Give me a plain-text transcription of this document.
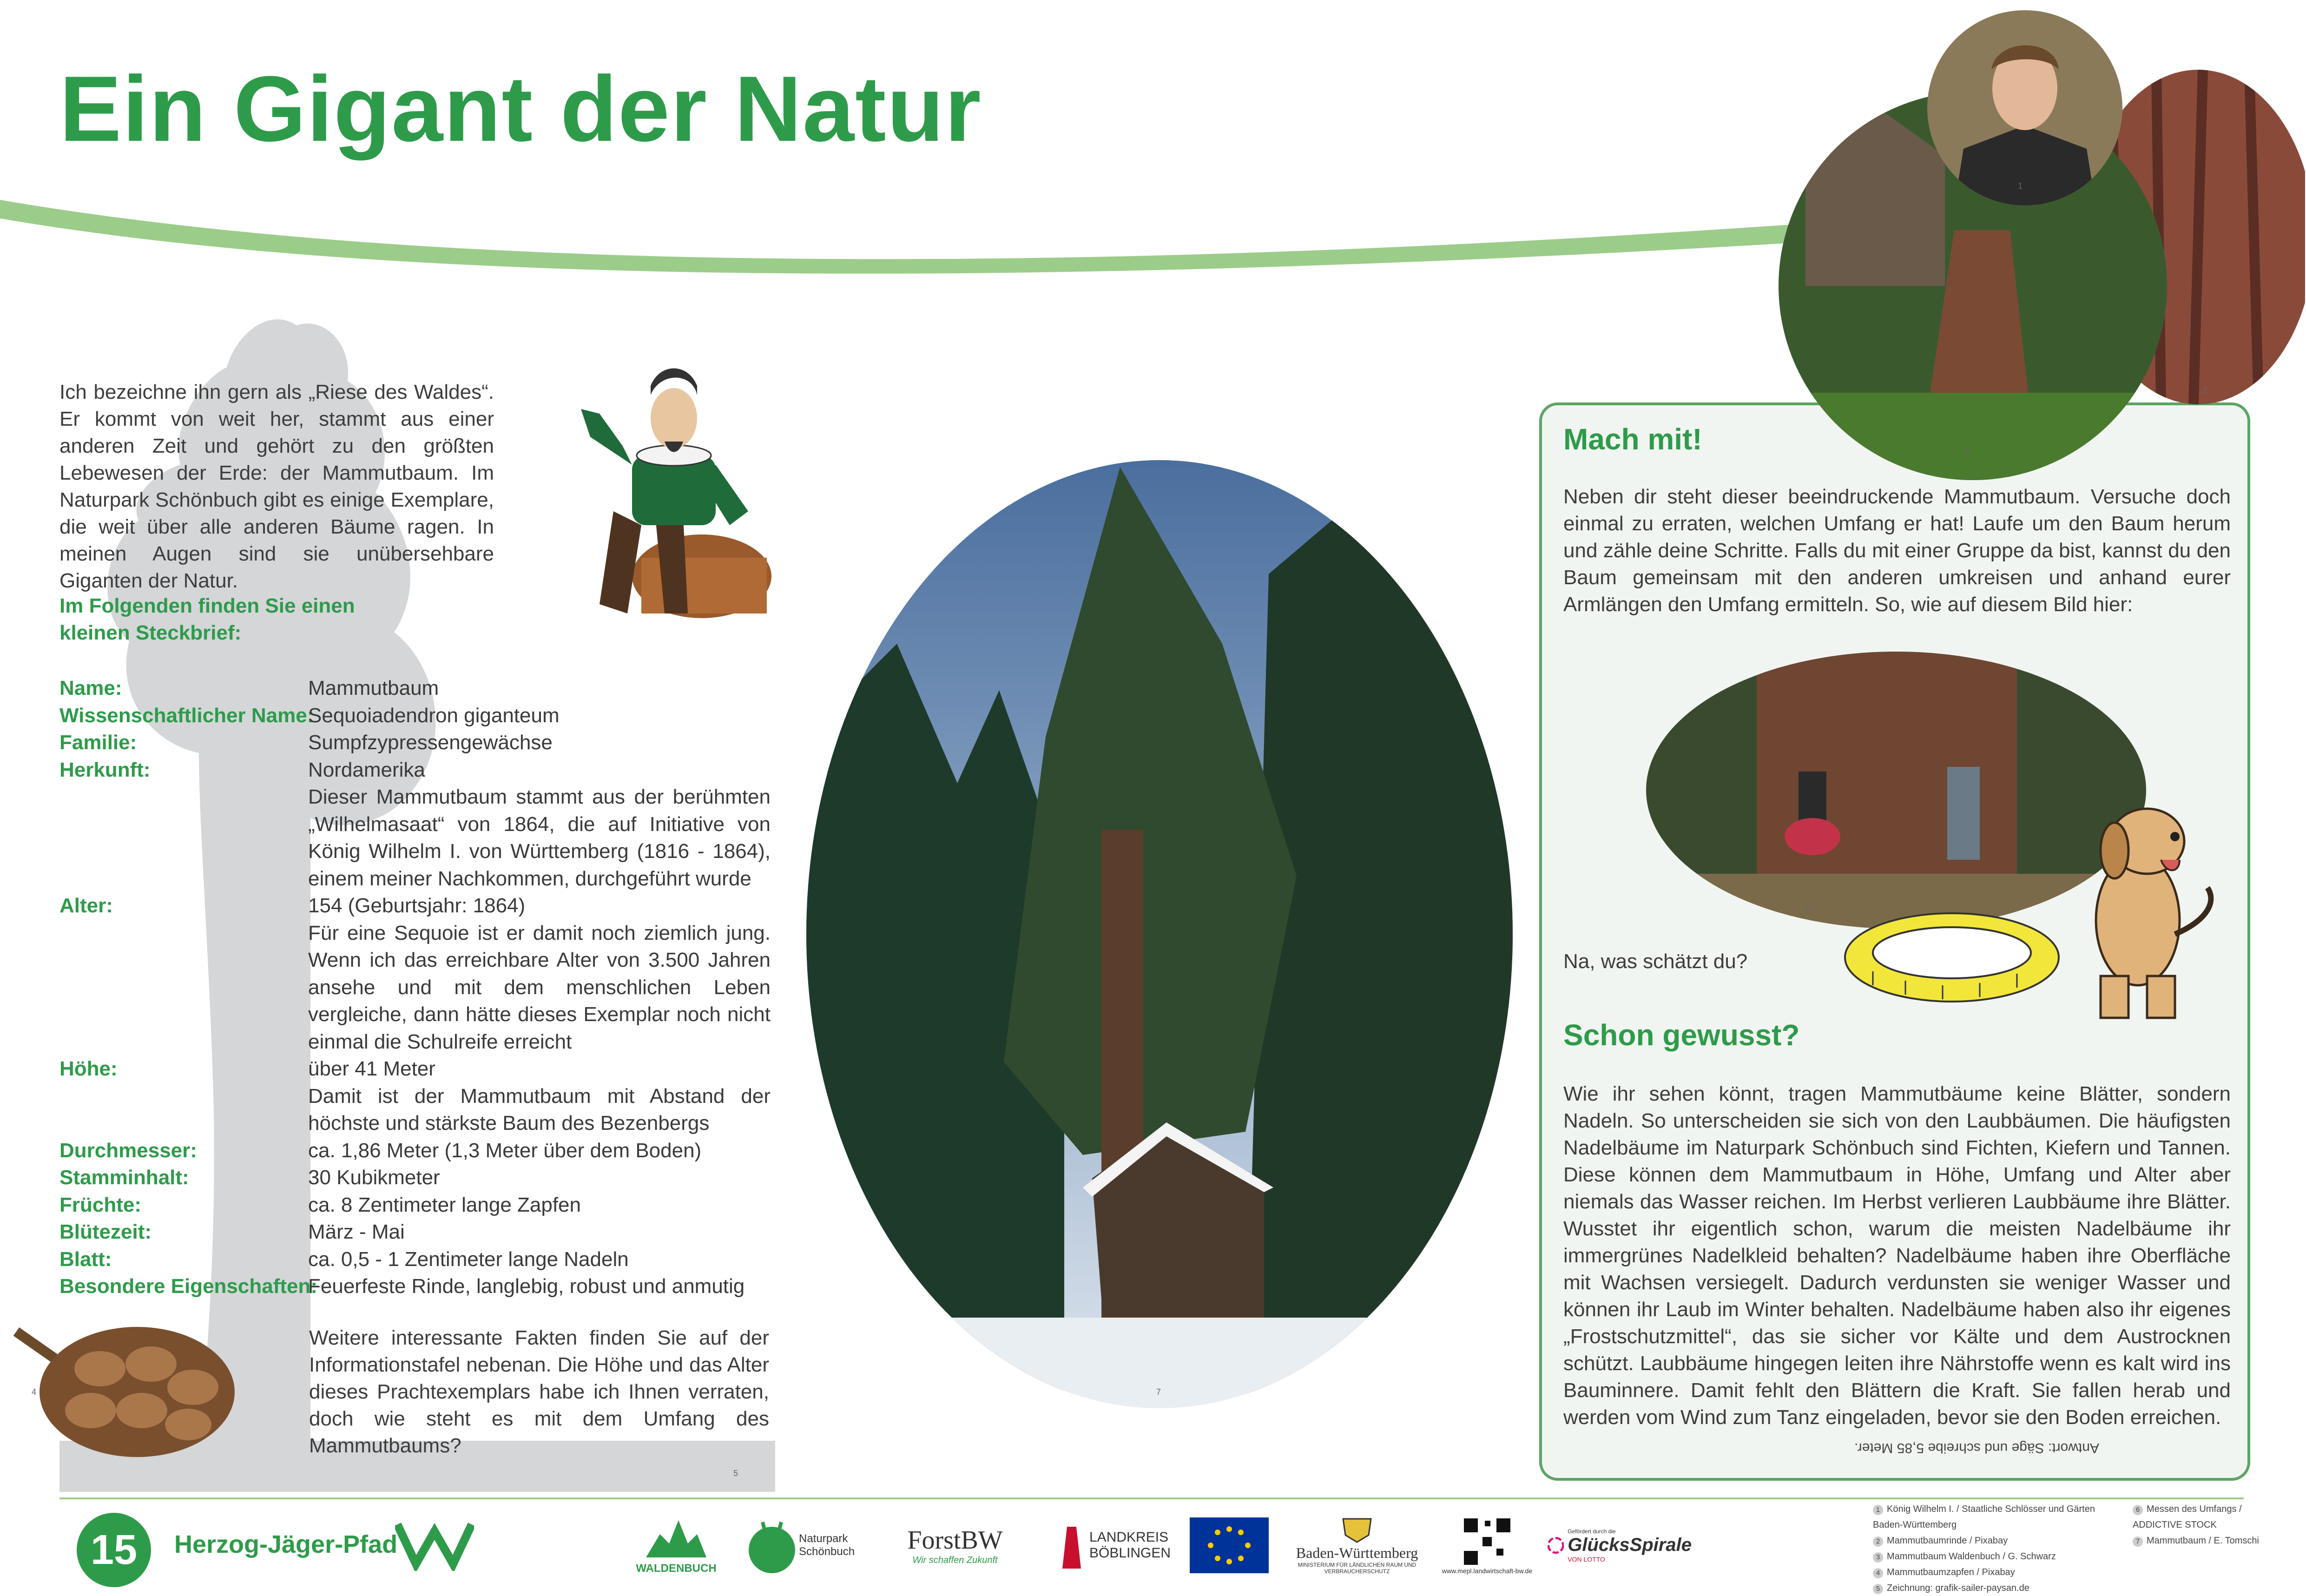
Ein Gigant der Natur
Ich bezeichne ihn gern als „Riese des Waldes“. Er kommt von weit her, stammt aus einer anderen Zeit und gehört zu den größten Lebewesen der Erde: der Mammutbaum. Im Naturpark Schönbuch gibt es einige Exemplare, die weit über alle anderen Bäume ragen. In meinen Augen sind sie unübersehbare Giganten der Natur.
Im Folgenden finden Sie einen kleinen Steckbrief:
Name:	Mammutbaum
Wissenschaftlicher Name:
Sequoiadendron giganteum
Familie:	Sumpfzypressengewächse
Herkunft:	Nordamerika
Dieser Mammutbaum stammt aus der berühmten „Wilhelmasaat“ von 1864, die auf Initiative von König Wilhelm I. von Württemberg (1816 - 1864), einem meiner Nachkommen, durchgeführt wurde
Alter:	154 (Geburtsjahr: 1864)
Für eine Sequoie ist er damit noch ziemlich jung. Wenn ich das erreichbare Alter von 3.500 Jahren ansehe und mit dem menschlichen Leben vergleiche, dann hätte dieses Exemplar noch nicht einmal die Schulreife erreicht
Höhe:	über 41 Meter
Damit ist der Mammutbaum mit Abstand der höchste und stärkste Baum des Bezenbergs
Durchmesser:	ca. 1,86 Meter (1,3 Meter über dem Boden)
Stamminhalt:	30 Kubikmeter
Früchte:	ca. 8 Zentimeter lange Zapfen
Blütezeit:	März - Mai
Blatt:	ca. 0,5 - 1 Zentimeter lange Nadeln
Besondere Eigenschaften:
Feuerfeste Rinde, langlebig, robust und anmutig
Weitere interessante Fakten finden Sie auf der Informationstafel nebenan. Die Höhe und das Alter dieses Prachtexemplars habe ich Ihnen verraten, doch wie steht es mit dem Umfang des Mammutbaums?
7
Mach mit!
Neben dir steht dieser beeindruckende Mammutbaum. Versuche doch einmal zu erraten, welchen Umfang er hat! Laufe um den Baum herum und zähle deine Schritte. Falls du mit einer Gruppe da bist, kannst du den Baum gemeinsam mit den anderen umkreisen und anhand eurer Armlängen den Umfang ermitteln. So, wie auf diesem Bild hier:
6
Na, was schätzt du?
Schon gewusst?
Wie ihr sehen könnt, tragen Mammutbäume keine Blätter, sondern Nadeln. So unterscheiden sie sich von den Laubbäumen. Die häufigsten Nadelbäume im Naturpark Schönbuch sind Fichten, Kiefern und Tannen. Diese können dem Mammutbaum in Höhe, Umfang und Alter aber niemals das Wasser reichen. Im Herbst verlieren Laubbäume ihre Blätter. Wusstet ihr eigentlich schon, warum die meisten Nadelbäume ihr immergrünes Nadelkleid behalten? Nadelbäume haben ihre Oberfläche mit Wachsen versiegelt. Dadurch verdunsten sie weniger Wasser und können ihr Laub im Winter behalten. Nadelbäume haben also ihr eigenes „Frostschutzmittel“, das sie sicher vor Kälte und dem Austrocknen schützt. Laubbäume hingegen leiten ihre Nährstoffe wenn es kalt wird ins Bauminnere. Damit fehlt den Blättern die Kraft. Sie fallen herab und werden vom Wind zum Tanz eingeladen, bevor sie den Boden erreichen.
Antwort: Säge und schreibe 5,85 Meter.
2
3
1
4
5
15	Herzog-Jäger-Pfad
WALDENBUCH
Naturpark Schönbuch ForstBW
Wir schaffen Zukunft
LANDKREIS BÖBLINGEN	Baden-Württemberg
MINISTERIUM FÜR LÄNDLICHEN RAUM UND VERBRAUCHERSCHUTZ	www.mepl.landwirtschaft-bw.de
Gefördert durch die
GlücksSpirale
VON LOTTO
1 König Wilhelm I. / Staatliche Schlösser und Gärten Baden-Württemberg
2 Mammutbaumrinde / Pixabay
3 Mammutbaum Waldenbuch / G. Schwarz
4 Mammutbaumzapfen / Pixabay
5 Zeichnung: grafik-sailer-paysan.de
6 Messen des Umfangs / ADDICTIVE STOCK
7 Mammutbaum / E. Tomschi
